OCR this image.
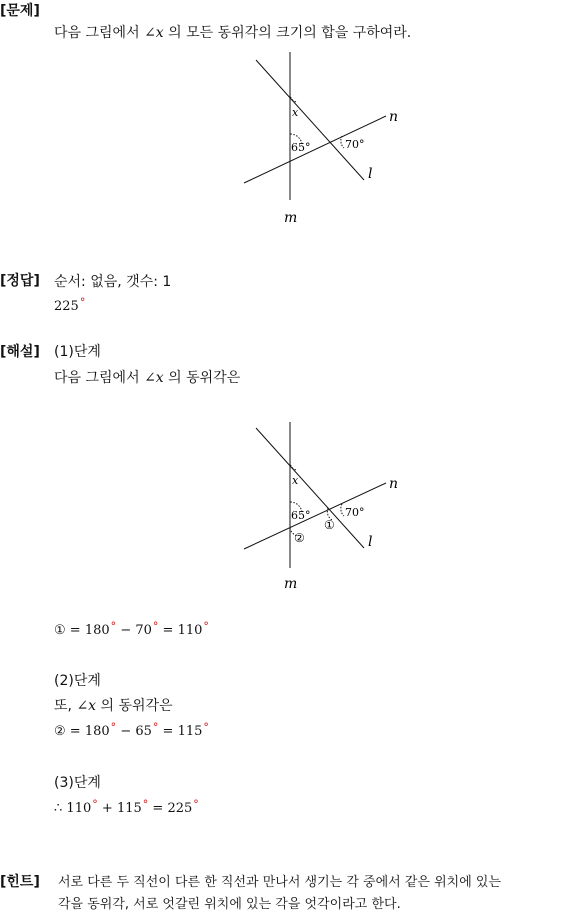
[문제]
다음 그림에서 ∠x 의 모든 동위각의 크기의 합을 구하여라.
x
65°	70°
n
l
m
[정답] 순서: 없음, 갯수: 1
225°
[해설] (1)단계
다음 그림에서 ∠x 의 동위각은
x
65°	70°
①
②
n
l
m
① = 180° − 70° = 110°
(2)단계
또, ∠x 의 동위각은
② = 180° − 65° = 115°
(3)단계
∴ 110° + 115° = 225°
[힌트] 서로 다른 두 직선이 다른 한 직선과 만나서 생기는 각 중에서 같은 위치에 있는
각을 동위각, 서로 엇갈린 위치에 있는 각을 엇각이라고 한다.
